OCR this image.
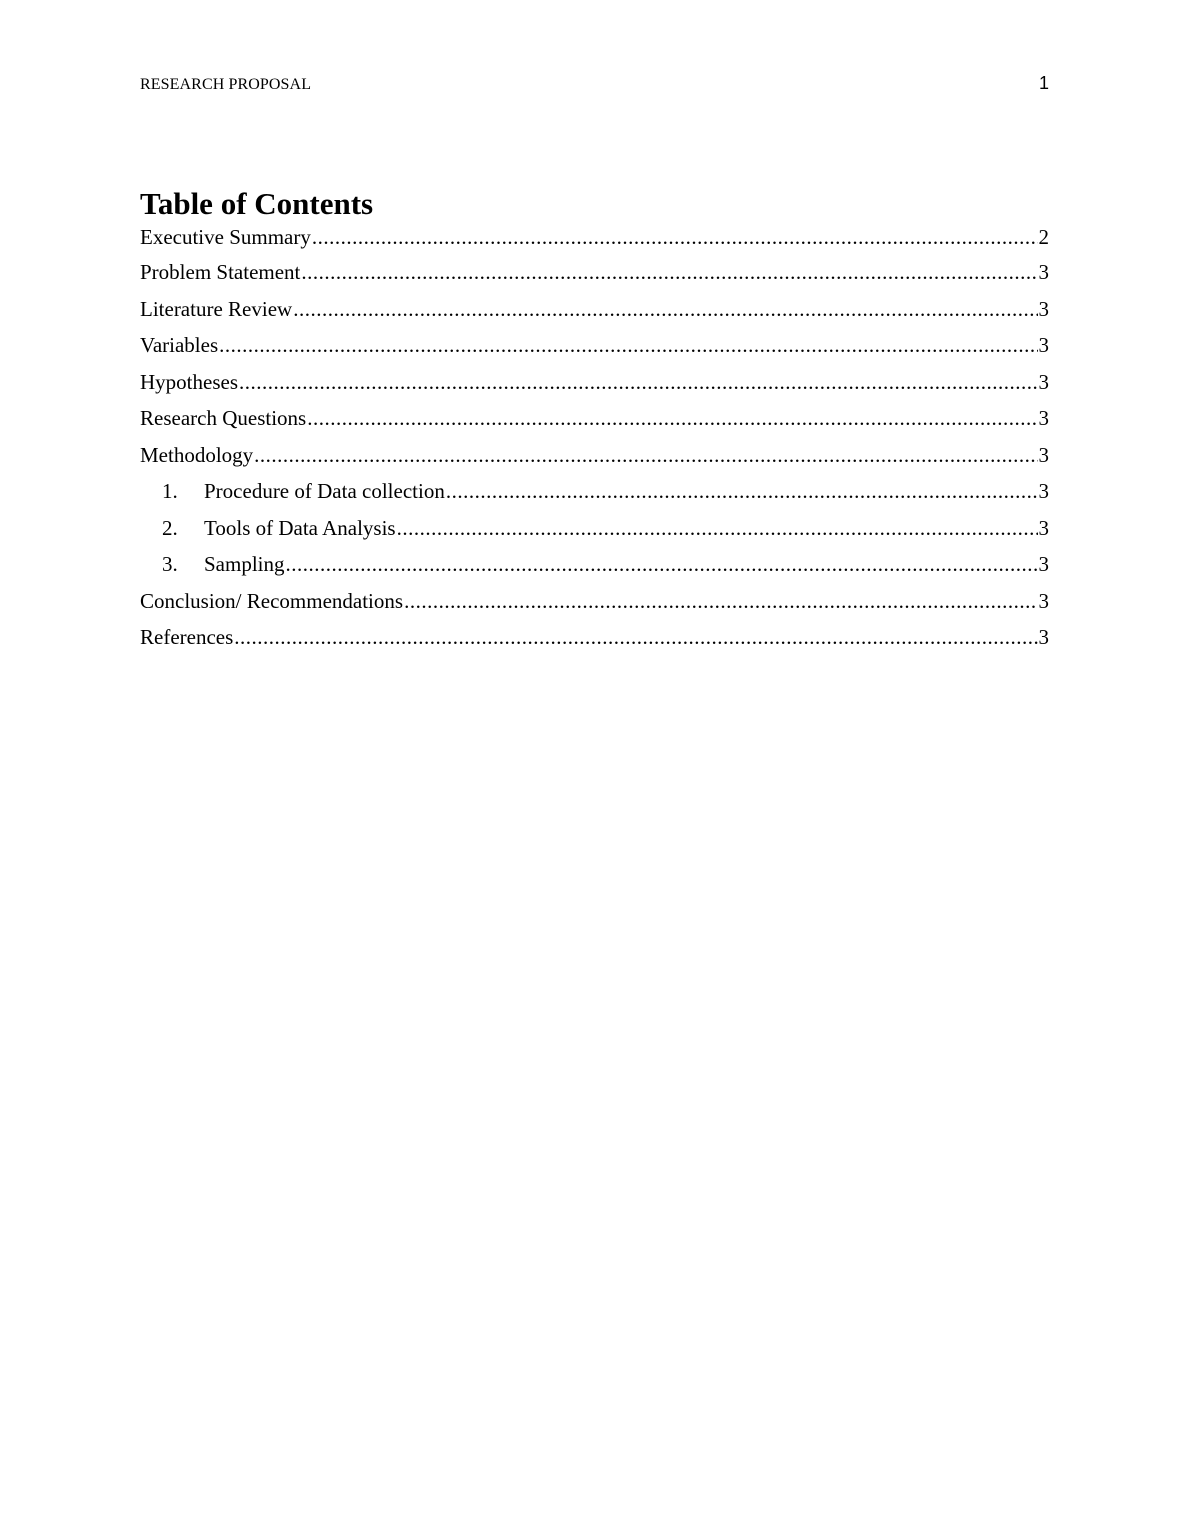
RESEARCH PROPOSAL	1
Table of Contents
Executive Summary .....	2
Problem Statement .....	3
Literature Review .....	3
Variables .....	3
Hypotheses .....	3
Research Questions .....	3
Methodology .....	3
1.	Procedure of Data collection .....	3
2.	Tools of Data Analysis .....	3
3.	Sampling .....	3
Conclusion/ Recommendations .....	3
References .....	3
